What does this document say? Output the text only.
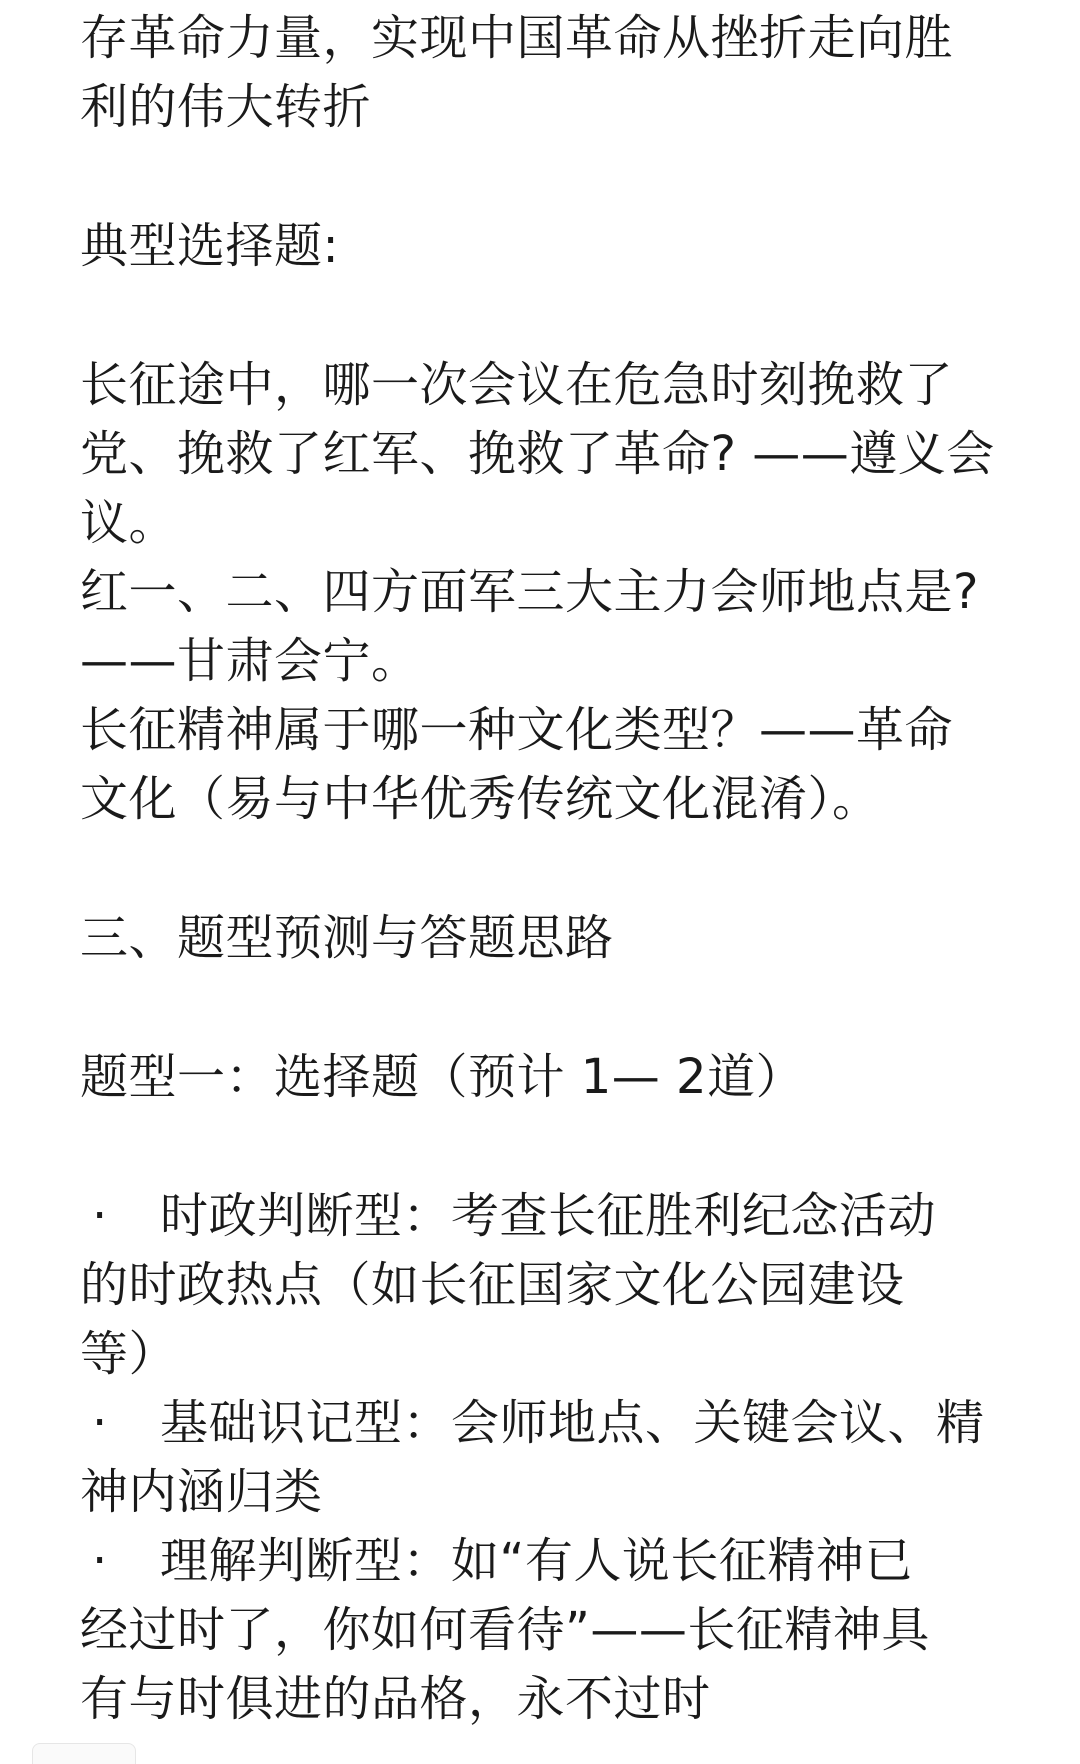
存革命力量，实现中国革命从挫折走向胜
利的伟大转折
典型选择题:
长征途中，哪一次会议在危急时刻挽救了
党、挽救了红军、挽救了革命? ——遵义会
议。
红一、二、四方面军三大主力会师地点是?
——甘肃会宁。
长征精神属于哪一种文化类型？——革命
文化（易与中华优秀传统文化混淆）。
三、题型预测与答题思路
题型一：选择题（预计 1— 2道）
· 时政判断型：考查长征胜利纪念活动
的时政热点（如长征国家文化公园建设
等）
· 基础识记型：会师地点、关键会议、精
神内涵归类
· 理解判断型：如“有人说长征精神已
经过时了，你如何看待”——长征精神具
有与时俱进的品格，永不过时
